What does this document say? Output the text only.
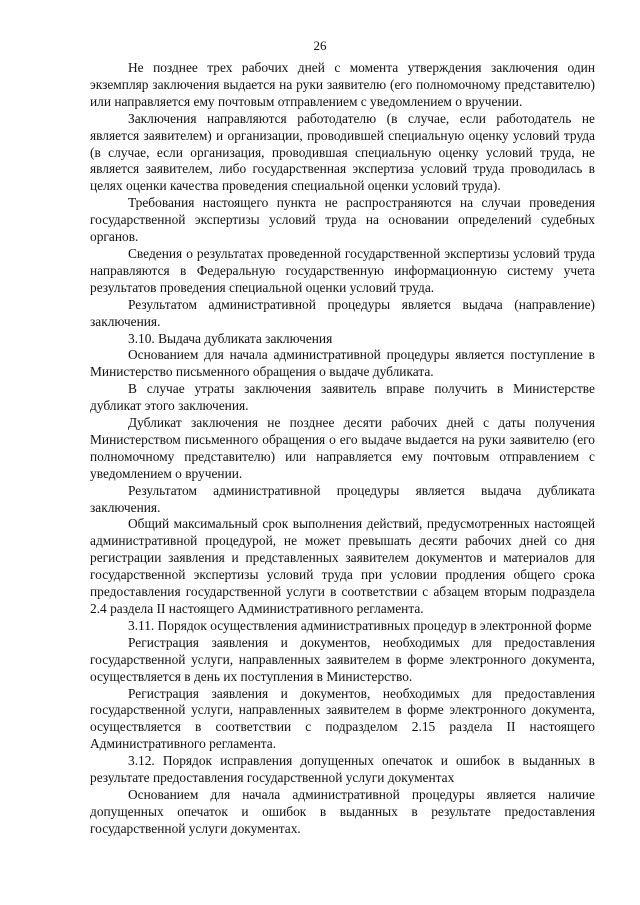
26

Не позднее трех рабочих дней с момента утверждения заключения один экземпляр заключения выдается на руки заявителю (его полномочному представителю) или направляется ему почтовым отправлением с уведомлением о вручении.

Заключения направляются работодателю (в случае, если работодатель не является заявителем) и организации, проводившей специальную оценку условий труда (в случае, если организация, проводившая специальную оценку условий труда, не является заявителем, либо государственная экспертиза условий труда проводилась в целях оценки качества проведения специальной оценки условий труда).

Требования настоящего пункта не распространяются на случаи проведения государственной экспертизы условий труда на основании определений судебных органов.

Сведения о результатах проведенной государственной экспертизы условий труда направляются в Федеральную государственную информационную систему учета результатов проведения специальной оценки условий труда.

Результатом административной процедуры является выдача (направление) заключения.

3.10. Выдача дубликата заключения

Основанием для начала административной процедуры является поступление в Министерство письменного обращения о выдаче дубликата.

В случае утраты заключения заявитель вправе получить в Министерстве дубликат этого заключения.

Дубликат заключения не позднее десяти рабочих дней с даты получения Министерством письменного обращения о его выдаче выдается на руки заявителю (его полномочному представителю) или направляется ему почтовым отправлением с уведомлением о вручении.

Результатом административной процедуры является выдача дубликата заключения.

Общий максимальный срок выполнения действий, предусмотренных настоящей административной процедурой, не может превышать десяти рабочих дней со дня регистрации заявления и представленных заявителем документов и материалов для государственной экспертизы условий труда при условии продления общего срока предоставления государственной услуги в соответствии с абзацем вторым подраздела 2.4 раздела II настоящего Административного регламента.

3.11. Порядок осуществления административных процедур в электронной форме

Регистрация заявления и документов, необходимых для предоставления государственной услуги, направленных заявителем в форме электронного документа, осуществляется в день их поступления в Министерство.

Регистрация заявления и документов, необходимых для предоставления государственной услуги, направленных заявителем в форме электронного документа, осуществляется в соответствии с подразделом 2.15 раздела II настоящего Административного регламента.

3.12. Порядок исправления допущенных опечаток и ошибок в выданных в результате предоставления государственной услуги документах

Основанием для начала административной процедуры является наличие допущенных опечаток и ошибок в выданных в результате предоставления государственной услуги документах.
